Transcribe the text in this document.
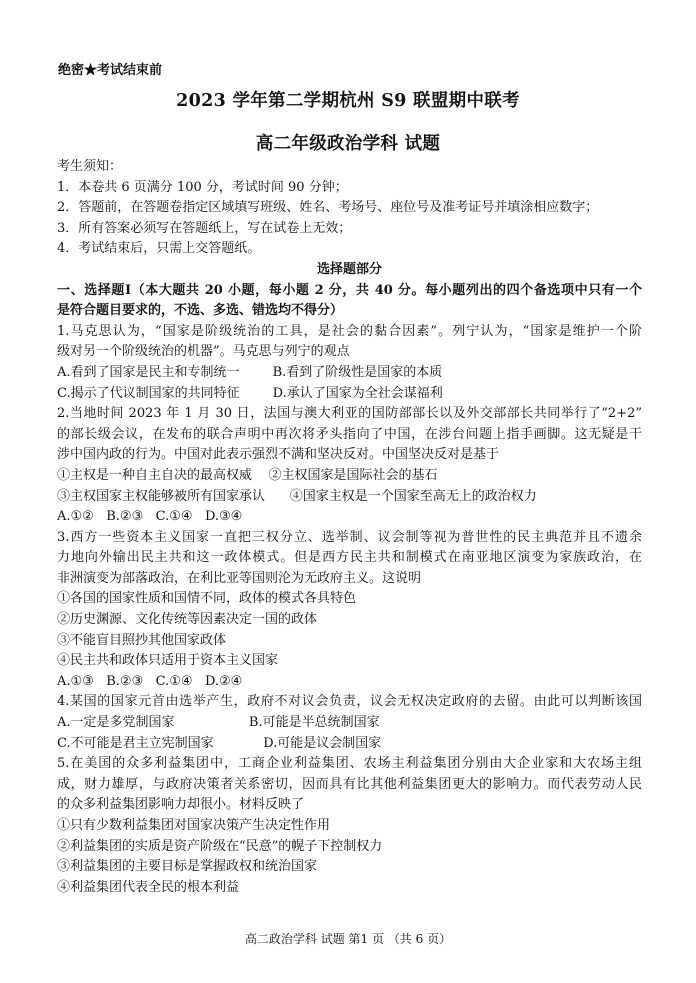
绝密★考试结束前
2023 学年第二学期杭州 S9 联盟期中联考
高二年级政治学科 试题
考生须知：
1．本卷共 6 页满分 100 分，考试时间 90 分钟；
2．答题前，在答题卷指定区域填写班级、姓名、考场号、座位号及准考证号并填涂相应数字；
3．所有答案必须写在答题纸上，写在试卷上无效；
4．考试结束后，只需上交答题纸。
选择题部分
一、选择题Ⅰ（本大题共 20 小题，每小题 2 分，共 40 分。每小题列出的四个备选项中只有一个
是符合题目要求的，不选、多选、错选均不得分）
1.马克思认为，“国家是阶级统治的工具，是社会的黏合因素”。列宁认为，“国家是维护一个阶
级对另一个阶级统治的机器”。马克思与列宁的观点
A.看到了国家是民主和专制统一        B.看到了阶级性是国家的本质
C.揭示了代议制国家的共同特征        D.承认了国家为全社会谋福利
2.当地时间 2023 年 1 月 30 日，法国与澳大利亚的国防部部长以及外交部部长共同举行了“2+2”
的部长级会议，在发布的联合声明中再次将矛头指向了中国，在涉台问题上指手画脚。这无疑是干
涉中国内政的行为。中国对此表示强烈不满和坚决反对。中国坚决反对是基于
①主权是一种自主自决的最高权威    ②主权国家是国际社会的基石
③主权国家主权能够被所有国家承认      ④国家主权是一个国家至高无上的政治权力
A.①②   B.②③   C.①④   D.③④
3.西方一些资本主义国家一直把三权分立、选举制、议会制等视为普世性的民主典范并且不遗余
力地向外输出民主共和这一政体模式。但是西方民主共和制模式在南亚地区演变为家族政治，在
非洲演变为部落政治，在利比亚等国则沦为无政府主义。这说明
①各国的国家性质和国情不同，政体的模式各具特色
②历史渊源、文化传统等因素决定一国的政体
③不能盲目照抄其他国家政体
④民主共和政体只适用于资本主义国家
A.①③   B.②③   C.①④   D.②④
4.某国的国家元首由选举产生，政府不对议会负责，议会无权决定政府的去留。由此可以判断该国
A.一定是多党制国家                  B.可能是半总统制国家
C.不可能是君主立宪制国家            D.可能是议会制国家
5.在美国的众多利益集团中，工商企业利益集团、农场主利益集团分别由大企业家和大农场主组
成，财力雄厚，与政府决策者关系密切，因而具有比其他利益集团更大的影响力。而代表劳动人民
的众多利益集团影响力却很小。材料反映了
①只有少数利益集团对国家决策产生决定性作用
②利益集团的实质是资产阶级在“民意”的幌子下控制权力
③利益集团的主要目标是掌握政权和统治国家
④利益集团代表全民的根本利益
高二政治学科 试题 第1 页 （共 6 页）
